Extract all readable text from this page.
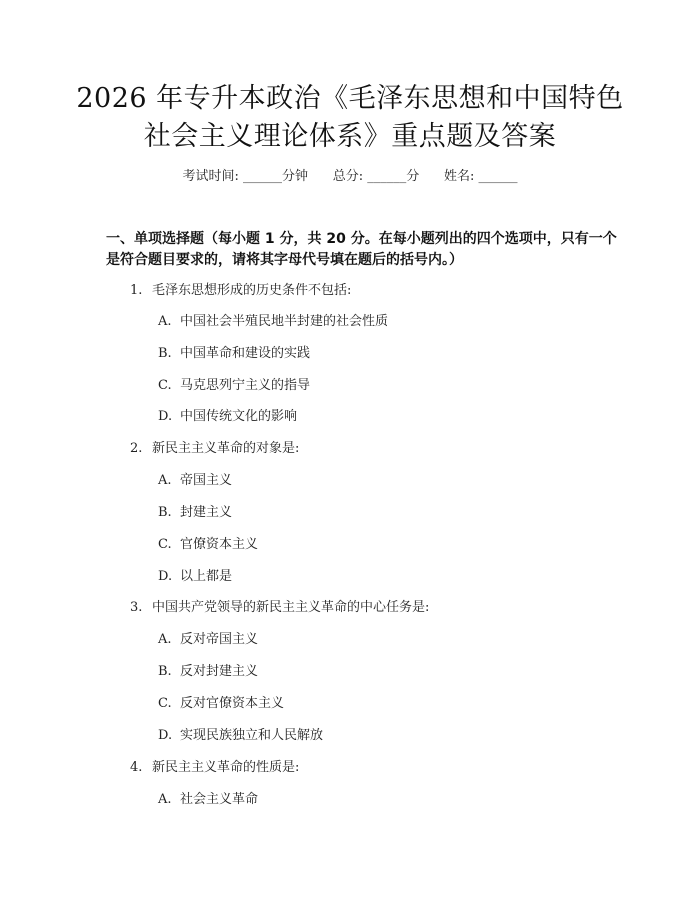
2026 年专升本政治《毛泽东思想和中国特色
社会主义理论体系》重点题及答案
考试时间: ______分钟      总分: ______分      姓名: ______
一、单项选择题（每小题 1 分，共 20 分。在每小题列出的四个选项中，只有一个
是符合题目要求的，请将其字母代号填在题后的括号内。）
1. 毛泽东思想形成的历史条件不包括:
A. 中国社会半殖民地半封建的社会性质
B. 中国革命和建设的实践
C. 马克思列宁主义的指导
D. 中国传统文化的影响
2. 新民主主义革命的对象是:
A. 帝国主义
B. 封建主义
C. 官僚资本主义
D. 以上都是
3. 中国共产党领导的新民主主义革命的中心任务是:
A. 反对帝国主义
B. 反对封建主义
C. 反对官僚资本主义
D. 实现民族独立和人民解放
4. 新民主主义革命的性质是:
A. 社会主义革命
